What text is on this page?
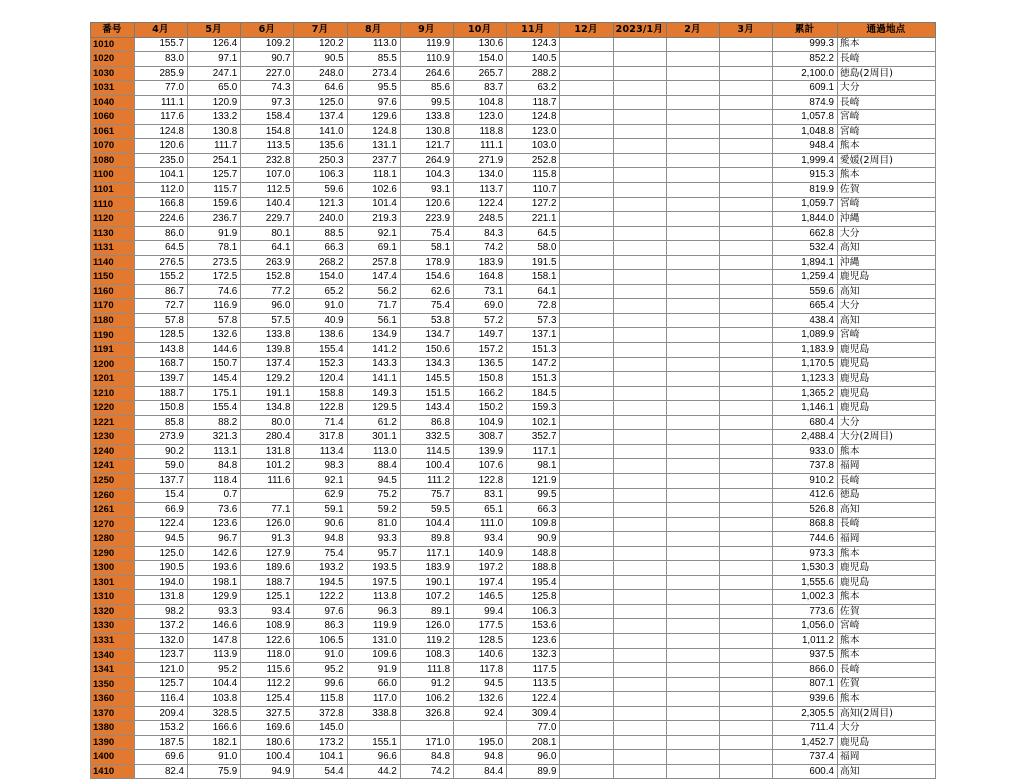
番号	4月	5月	6月	7月	8月	9月	10月	11月	12月	2023/1月	2月	3月	累計	通過地点
1010	155.7	126.4	109.2	120.2	113.0	119.9	130.6	124.3					999.3	熊本
1020	83.0	97.1	90.7	90.5	85.5	110.9	154.0	140.5					852.2	長崎
1030	285.9	247.1	227.0	248.0	273.4	264.6	265.7	288.2					2,100.0	徳島(2周目)
1031	77.0	65.0	74.3	64.6	95.5	85.6	83.7	63.2					609.1	大分
1040	111.1	120.9	97.3	125.0	97.6	99.5	104.8	118.7					874.9	長崎
1060	117.6	133.2	158.4	137.4	129.6	133.8	123.0	124.8					1,057.8	宮崎
1061	124.8	130.8	154.8	141.0	124.8	130.8	118.8	123.0					1,048.8	宮崎
1070	120.6	111.7	113.5	135.6	131.1	121.7	111.1	103.0					948.4	熊本
1080	235.0	254.1	232.8	250.3	237.7	264.9	271.9	252.8					1,999.4	愛媛(2周目)
1100	104.1	125.7	107.0	106.3	118.1	104.3	134.0	115.8					915.3	熊本
1101	112.0	115.7	112.5	59.6	102.6	93.1	113.7	110.7					819.9	佐賀
1110	166.8	159.6	140.4	121.3	101.4	120.6	122.4	127.2					1,059.7	宮崎
1120	224.6	236.7	229.7	240.0	219.3	223.9	248.5	221.1					1,844.0	沖縄
1130	86.0	91.9	80.1	88.5	92.1	75.4	84.3	64.5					662.8	大分
1131	64.5	78.1	64.1	66.3	69.1	58.1	74.2	58.0					532.4	高知
1140	276.5	273.5	263.9	268.2	257.8	178.9	183.9	191.5					1,894.1	沖縄
1150	155.2	172.5	152.8	154.0	147.4	154.6	164.8	158.1					1,259.4	鹿児島
1160	86.7	74.6	77.2	65.2	56.2	62.6	73.1	64.1					559.6	高知
1170	72.7	116.9	96.0	91.0	71.7	75.4	69.0	72.8					665.4	大分
1180	57.8	57.8	57.5	40.9	56.1	53.8	57.2	57.3					438.4	高知
1190	128.5	132.6	133.8	138.6	134.9	134.7	149.7	137.1					1,089.9	宮崎
1191	143.8	144.6	139.8	155.4	141.2	150.6	157.2	151.3					1,183.9	鹿児島
1200	168.7	150.7	137.4	152.3	143.3	134.3	136.5	147.2					1,170.5	鹿児島
1201	139.7	145.4	129.2	120.4	141.1	145.5	150.8	151.3					1,123.3	鹿児島
1210	188.7	175.1	191.1	158.8	149.3	151.5	166.2	184.5					1,365.2	鹿児島
1220	150.8	155.4	134.8	122.8	129.5	143.4	150.2	159.3					1,146.1	鹿児島
1221	85.8	88.2	80.0	71.4	61.2	86.8	104.9	102.1					680.4	大分
1230	273.9	321.3	280.4	317.8	301.1	332.5	308.7	352.7					2,488.4	大分(2周目)
1240	90.2	113.1	131.8	113.4	113.0	114.5	139.9	117.1					933.0	熊本
1241	59.0	84.8	101.2	98.3	88.4	100.4	107.6	98.1					737.8	福岡
1250	137.7	118.4	111.6	92.1	94.5	111.2	122.8	121.9					910.2	長崎
1260	15.4	0.7		62.9	75.2	75.7	83.1	99.5					412.6	徳島
1261	66.9	73.6	77.1	59.1	59.2	59.5	65.1	66.3					526.8	高知
1270	122.4	123.6	126.0	90.6	81.0	104.4	111.0	109.8					868.8	長崎
1280	94.5	96.7	91.3	94.8	93.3	89.8	93.4	90.9					744.6	福岡
1290	125.0	142.6	127.9	75.4	95.7	117.1	140.9	148.8					973.3	熊本
1300	190.5	193.6	189.6	193.2	193.5	183.9	197.2	188.8					1,530.3	鹿児島
1301	194.0	198.1	188.7	194.5	197.5	190.1	197.4	195.4					1,555.6	鹿児島
1310	131.8	129.9	125.1	122.2	113.8	107.2	146.5	125.8					1,002.3	熊本
1320	98.2	93.3	93.4	97.6	96.3	89.1	99.4	106.3					773.6	佐賀
1330	137.2	146.6	108.9	86.3	119.9	126.0	177.5	153.6					1,056.0	宮崎
1331	132.0	147.8	122.6	106.5	131.0	119.2	128.5	123.6					1,011.2	熊本
1340	123.7	113.9	118.0	91.0	109.6	108.3	140.6	132.3					937.5	熊本
1341	121.0	95.2	115.6	95.2	91.9	111.8	117.8	117.5					866.0	長崎
1350	125.7	104.4	112.2	99.6	66.0	91.2	94.5	113.5					807.1	佐賀
1360	116.4	103.8	125.4	115.8	117.0	106.2	132.6	122.4					939.6	熊本
1370	209.4	328.5	327.5	372.8	338.8	326.8	92.4	309.4					2,305.5	高知(2周目)
1380	153.2	166.6	169.6	145.0				77.0					711.4	大分
1390	187.5	182.1	180.6	173.2	155.1	171.0	195.0	208.1					1,452.7	鹿児島
1400	69.6	91.0	100.4	104.1	96.6	84.8	94.8	96.0					737.4	福岡
1410	82.4	75.9	94.9	54.4	44.2	74.2	84.4	89.9					600.4	高知
